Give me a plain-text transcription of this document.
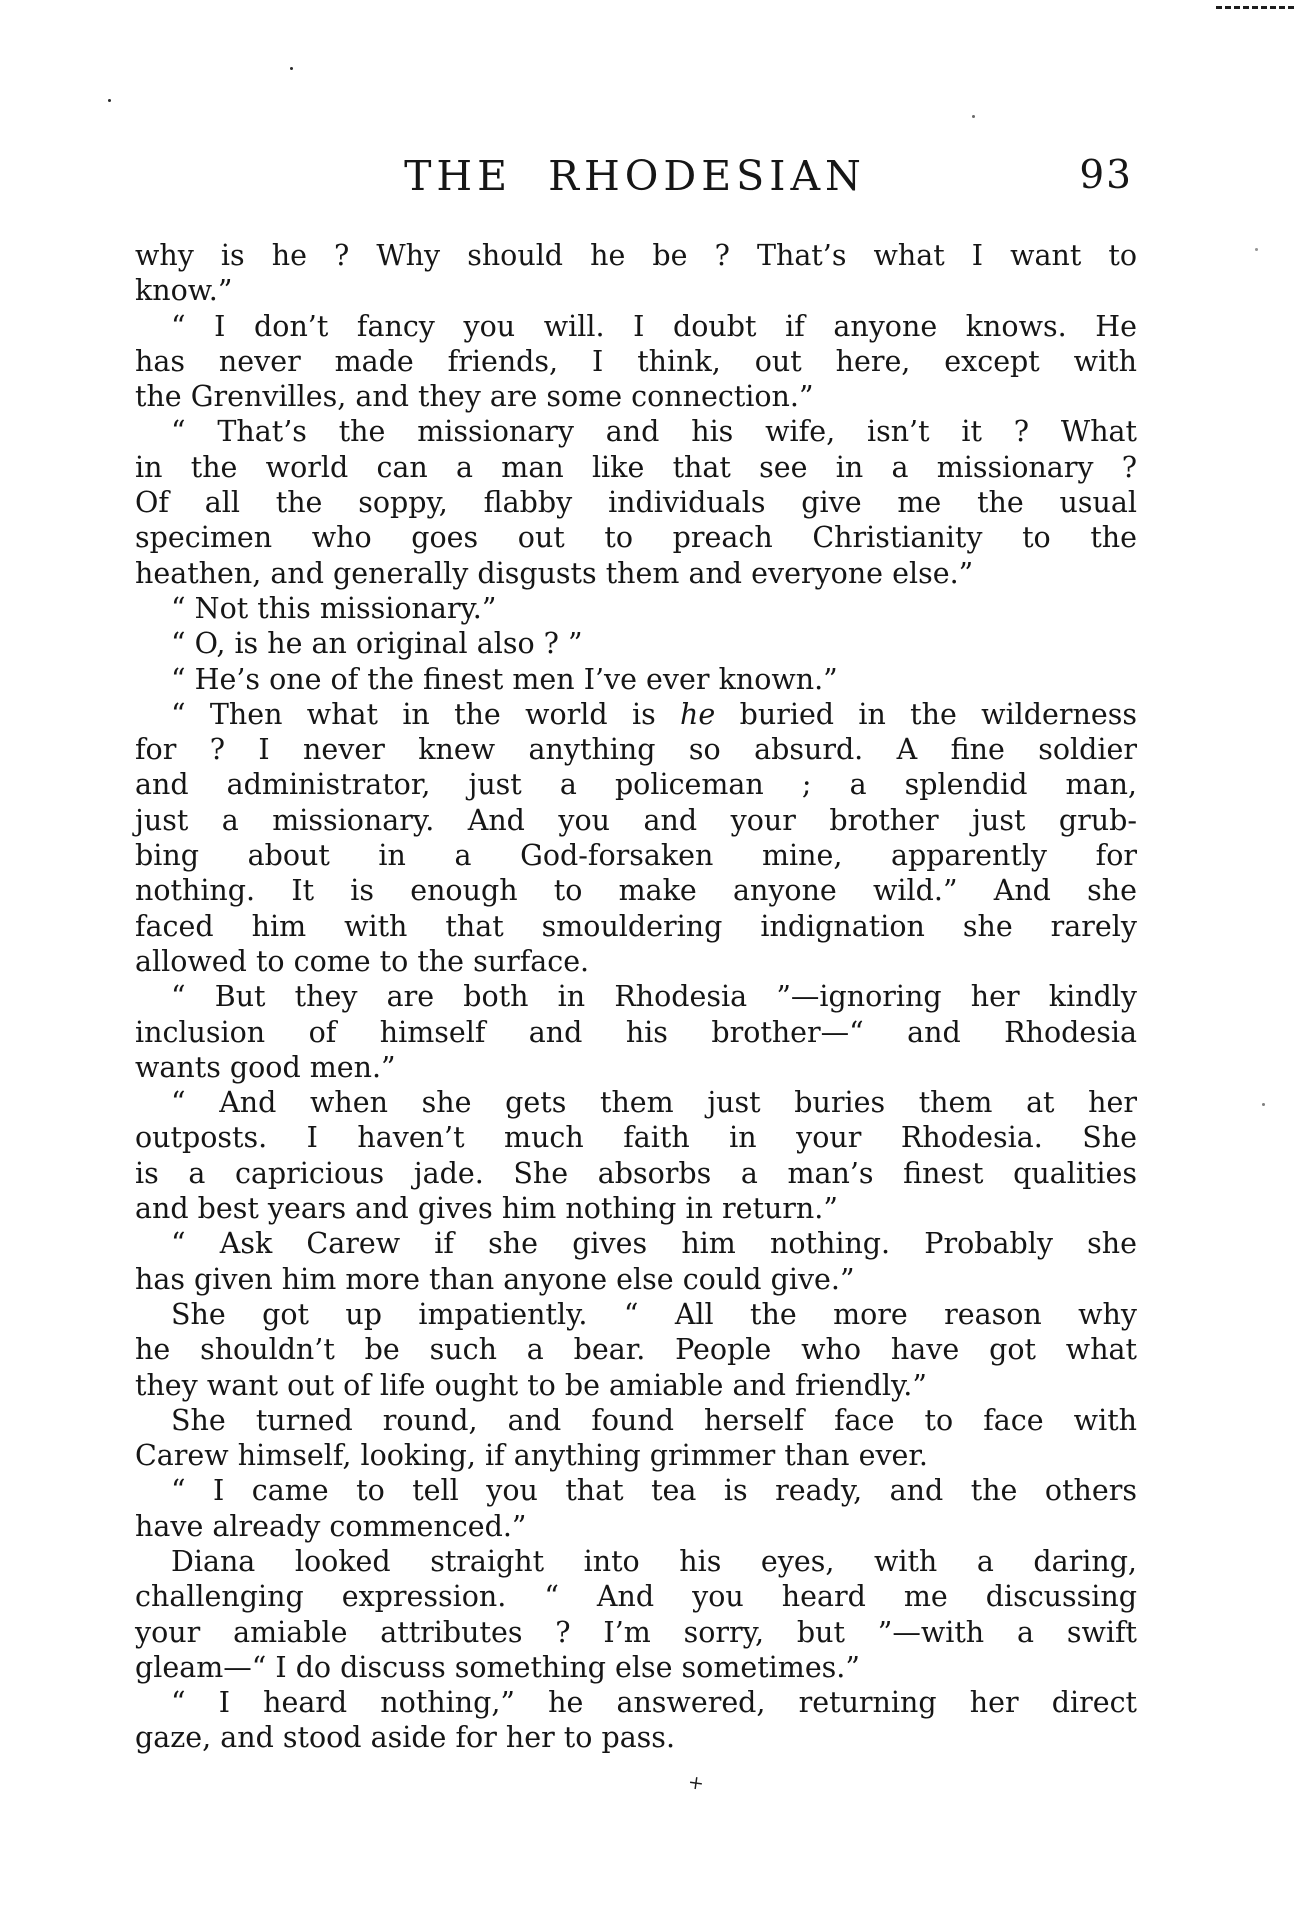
THE RHODESIAN	93
why is he ? Why should he be ? That’s what I want to
know.”
“ I don’t fancy you will. I doubt if anyone knows. He
has never made friends, I think, out here, except with
the Grenvilles, and they are some connection.”
“ That’s the missionary and his wife, isn’t it ? What
in the world can a man like that see in a missionary ?
Of all the soppy, flabby individuals give me the usual
specimen who goes out to preach Christianity to the
heathen, and generally disgusts them and everyone else.”
“ Not this missionary.”
“ O, is he an original also ? ”
“ He’s one of the finest men I’ve ever known.”
“ Then what in the world is he buried in the wilderness
for ? I never knew anything so absurd. A fine soldier
and administrator, just a policeman ; a splendid man,
just a missionary. And you and your brother just grub-
bing about in a God-forsaken mine, apparently for
nothing. It is enough to make anyone wild.” And she
faced him with that smouldering indignation she rarely
allowed to come to the surface.
“ But they are both in Rhodesia ”—ignoring her kindly
inclusion of himself and his brother—“ and Rhodesia
wants good men.”
“ And when she gets them just buries them at her
outposts. I haven’t much faith in your Rhodesia. She
is a capricious jade. She absorbs a man’s finest qualities
and best years and gives him nothing in return.”
“ Ask Carew if she gives him nothing. Probably she
has given him more than anyone else could give.”
She got up impatiently. “ All the more reason why
he shouldn’t be such a bear. People who have got what
they want out of life ought to be amiable and friendly.”
She turned round, and found herself face to face with
Carew himself, looking, if anything grimmer than ever.
“ I came to tell you that tea is ready, and the others
have already commenced.”
Diana looked straight into his eyes, with a daring,
challenging expression. “ And you heard me discussing
your amiable attributes ? I’m sorry, but ”—with a swift
gleam—“ I do discuss something else sometimes.”
“ I heard nothing,” he answered, returning her direct
gaze, and stood aside for her to pass.
+
